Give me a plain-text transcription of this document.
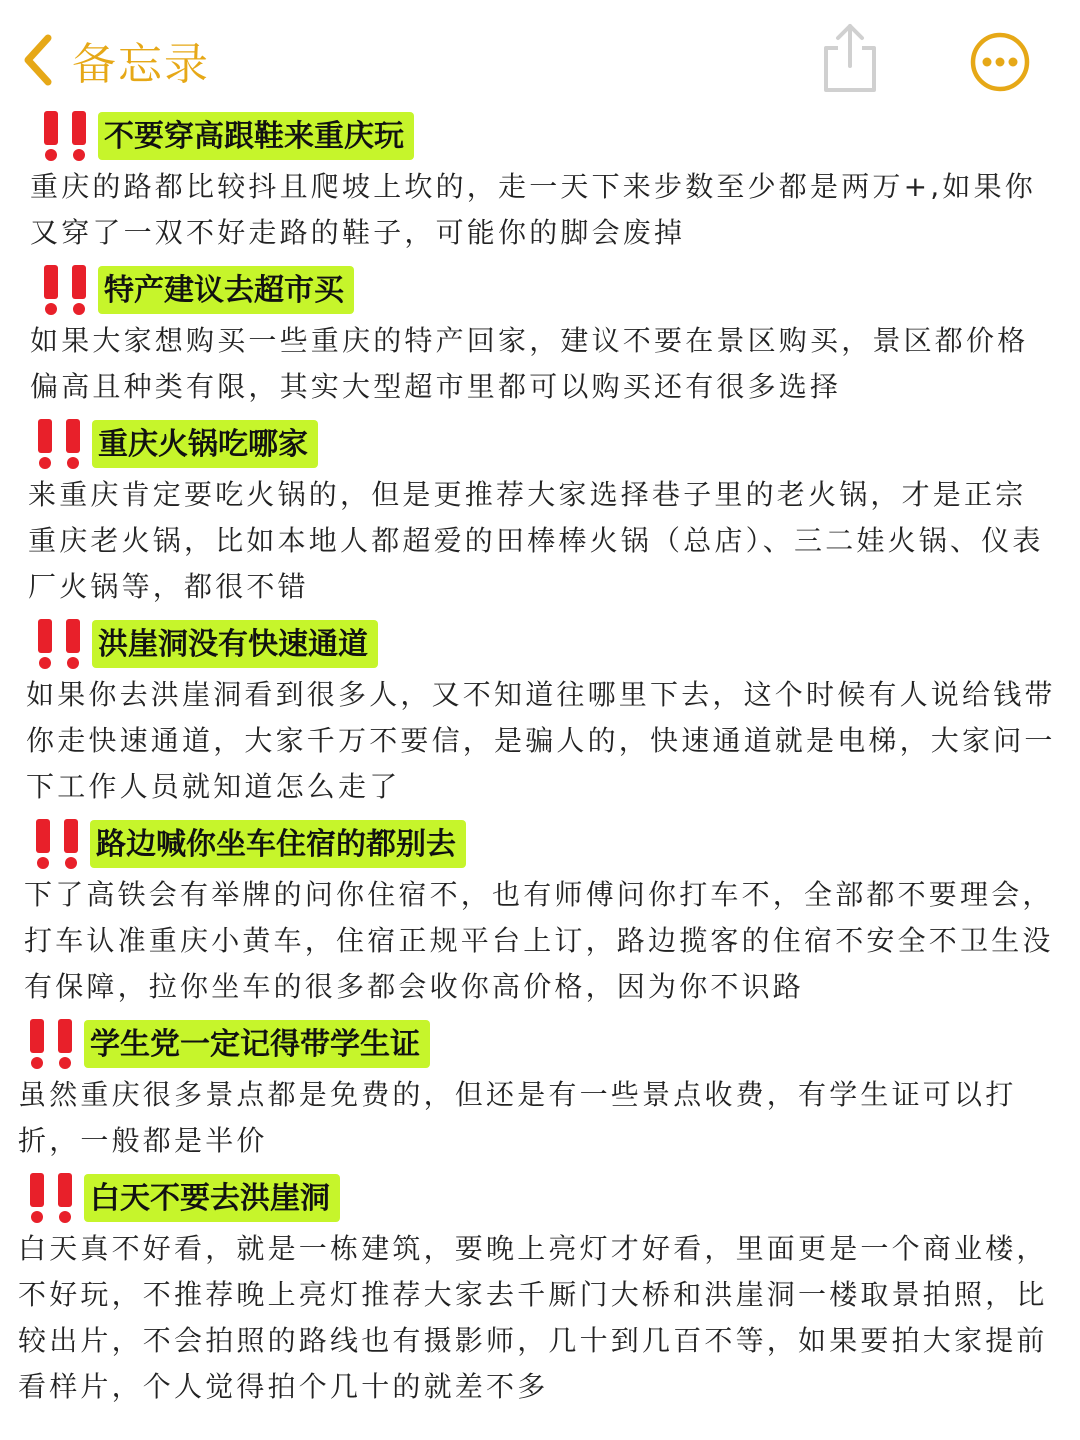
备忘录
不要穿高跟鞋来重庆玩

重庆的路都比较抖且爬坡上坎的，走一天下来步数至少都是两万+,如果你又穿了一双不好走路的鞋子，可能你的脚会废掉

特产建议去超市买

如果大家想购买一些重庆的特产回家，建议不要在景区购买，景区都价格偏高且种类有限，其实大型超市里都可以购买还有很多选择

重庆火锅吃哪家

来重庆肯定要吃火锅的，但是更推荐大家选择巷子里的老火锅，才是正宗重庆老火锅，比如本地人都超爱的田棒棒火锅（总店）、三二娃火锅、仪表厂火锅等，都很不错

洪崖洞没有快速通道

如果你去洪崖洞看到很多人，又不知道往哪里下去，这个时候有人说给钱带你走快速通道，大家千万不要信，是骗人的，快速通道就是电梯，大家问一下工作人员就知道怎么走了

路边喊你坐车住宿的都别去

下了高铁会有举牌的问你住宿不，也有师傅问你打车不，全部都不要理会，打车认准重庆小黄车，住宿正规平台上订，路边揽客的住宿不安全不卫生没有保障，拉你坐车的很多都会收你高价格，因为你不识路

学生党一定记得带学生证

虽然重庆很多景点都是免费的，但还是有一些景点收费，有学生证可以打折，一般都是半价

白天不要去洪崖洞

白天真不好看，就是一栋建筑，要晚上亮灯才好看，里面更是一个商业楼，不好玩，不推荐晚上亮灯推荐大家去千厮门大桥和洪崖洞一楼取景拍照，比较出片，不会拍照的路线也有摄影师，几十到几百不等，如果要拍大家提前看样片，个人觉得拍个几十的就差不多
